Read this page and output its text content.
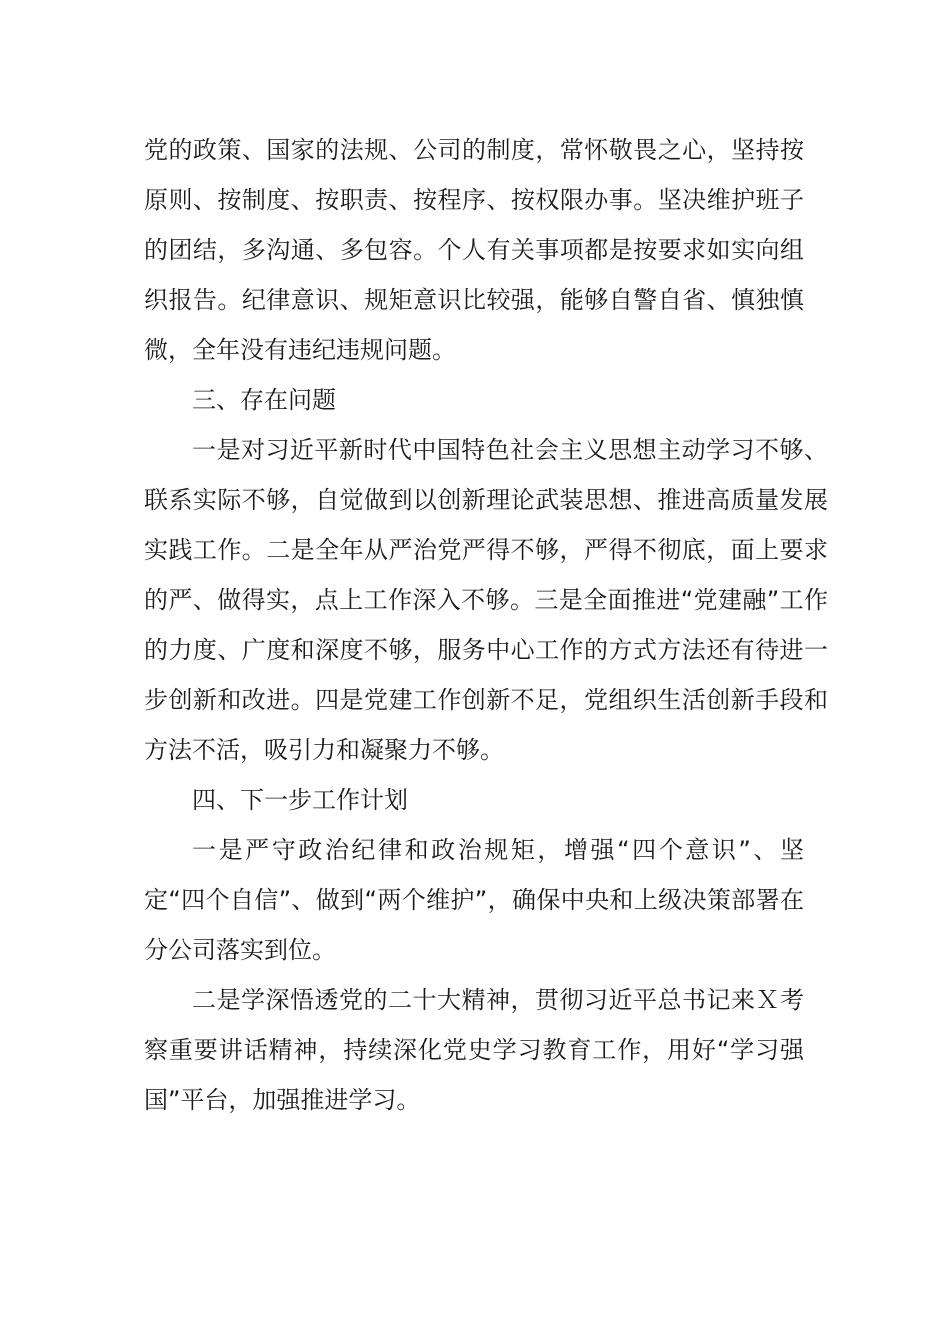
党的政策、国家的法规、公司的制度，常怀敬畏之心，坚持按原则、按制度、按职责、按程序、按权限办事。坚决维护班子的团结，多沟通、多包容。个人有关事项都是按要求如实向组织报告。纪律意识、规矩意识比较强，能够自警自省、慎独慎微，全年没有违纪违规问题。

三、存在问题

一是对习近平新时代中国特色社会主义思想主动学习不够、联系实际不够，自觉做到以创新理论武装思想、推进高质量发展实践工作。二是全年从严治党严得不够，严得不彻底，面上要求的严、做得实，点上工作深入不够。三是全面推进“党建融”工作的力度、广度和深度不够，服务中心工作的方式方法还有待进一步创新和改进。四是党建工作创新不足，党组织生活创新手段和方法不活，吸引力和凝聚力不够。

四、下一步工作计划

一是严守政治纪律和政治规矩，增强“四个意识”、坚定“四个自信”、做到“两个维护”，确保中央和上级决策部署在分公司落实到位。

二是学深悟透党的二十大精神，贯彻习近平总书记来Ｘ考察重要讲话精神，持续深化党史学习教育工作，用好“学习强国”平台，加强推进学习。
